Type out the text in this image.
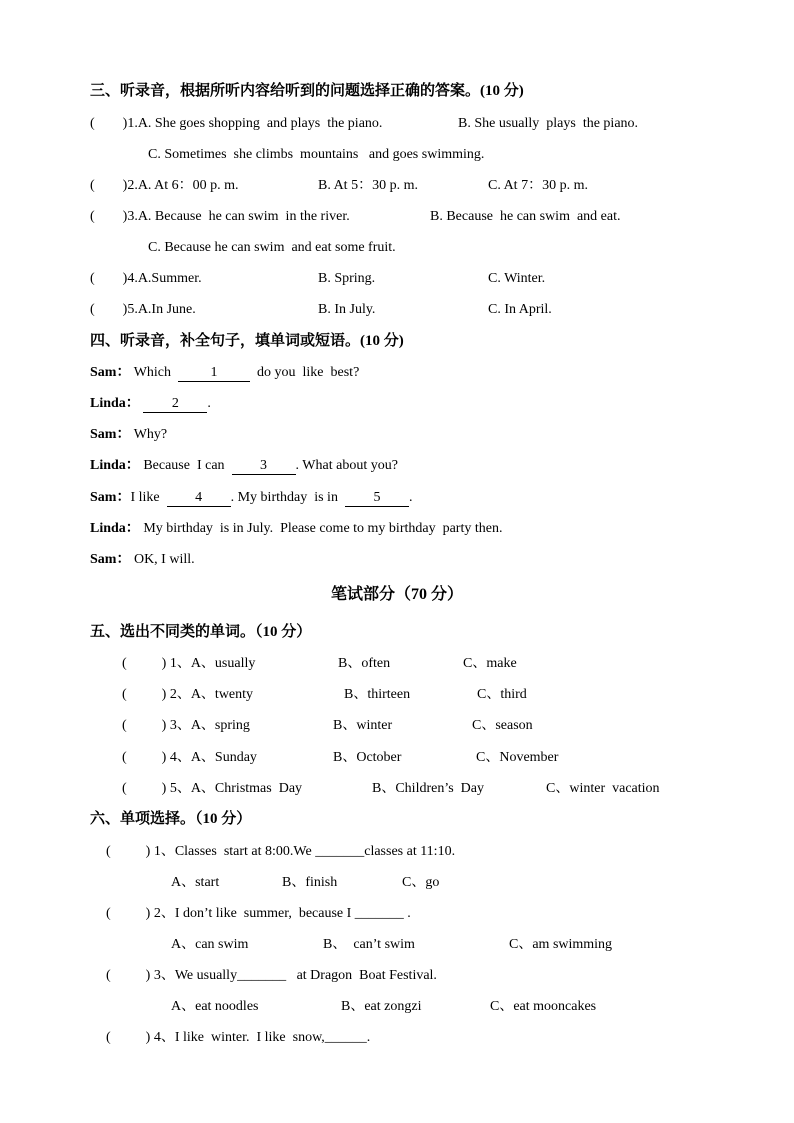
三、听录音，根据所听内容给听到的问题选择正确的答案。(10 分)
(        )1.A. She goes shopping  and plays  the piano.	B. She usually  plays  the piano.
C. Sometimes  she climbs  mountains   and goes swimming.
(        )2.A. At 6：00 p. m.	B. At 5：30 p. m.	C. At 7：30 p. m.
(        )3.A. Because  he can swim  in the river.	B. Because  he can swim  and eat.
C. Because he can swim  and eat some fruit.
(        )4.A.Summer.	B. Spring.	C. Winter.
(        )5.A.In June.	B. In July.	C. In April.
四、听录音，补全句子，填单词或短语。(10 分)
Sam： Which	1	do you  like  best?
Linda： 2 .
Sam： Why?
Linda： Because  I can	3 . What about you?
Sam：I like	4 . My birthday  is in	5 .
Linda： My birthday  is in July.  Please come to my birthday  party then.
Sam： OK, I will.
笔试部分（70 分）
五、选出不同类的单词。（10 分）
(          ) 1、A、usually	B、often	C、make
(          ) 2、A、twenty	B、thirteen	C、third
(          ) 3、A、spring	B、winter	C、season
(          ) 4、A、Sunday	B、October	C、November
(          ) 5、A、Christmas  Day	B、Children’s  Day	C、winter  vacation
六、单项选择。（10 分）
(          ) 1、Classes  start at 8:00.We _______classes at 11:10.
A、start	B、finish	C、go
(          ) 2、I don’t like  summer,  because I _______ .
A、can swim	B、  can’t swim	C、am swimming
(          ) 3、We usually_______   at Dragon  Boat Festival.
A、eat noodles	B、eat zongzi	C、eat mooncakes
(          ) 4、I like  winter.  I like  snow,______.
